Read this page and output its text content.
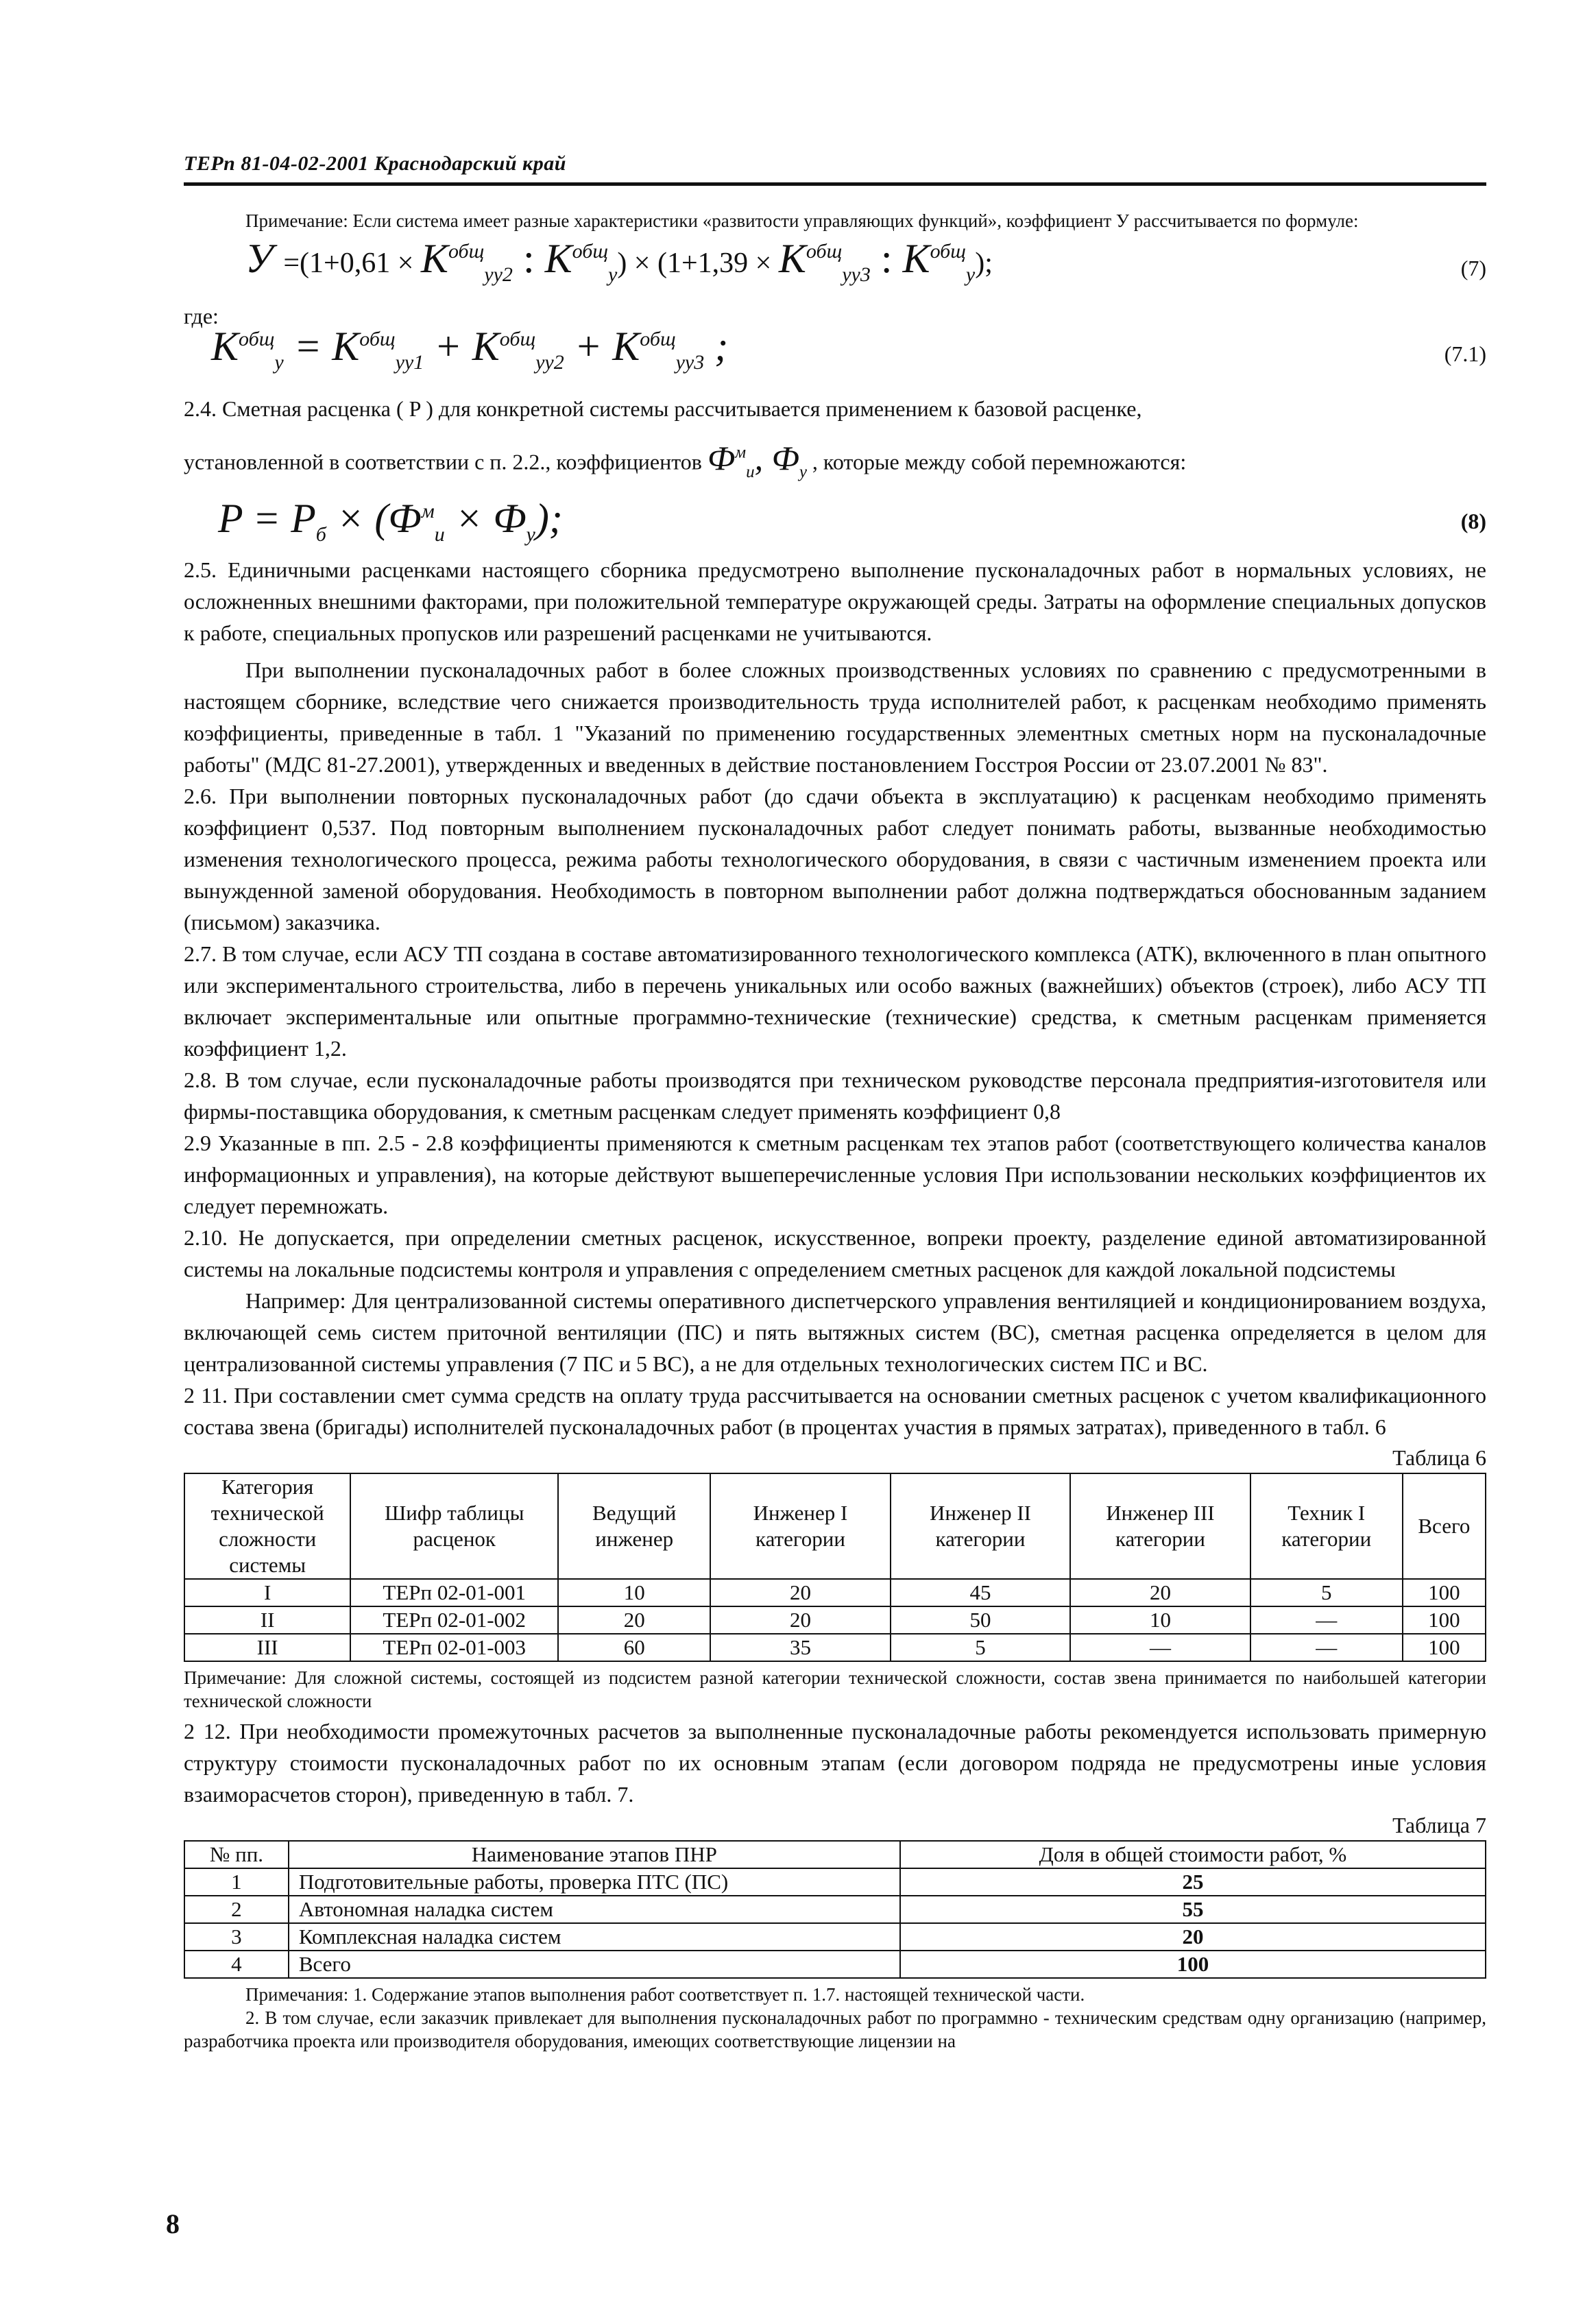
ТЕРп 81-04-02-2001 Краснодарский край

Примечание: Если система имеет разные характеристики «развитости управляющих функций», коэффициент У рассчитывается по формуле:

$У =(1+0,61 \times K^{общ}_{уу2}$ : $K^{общ}_у) \times (1+1,39 \times K^{общ}_{уу3}$ : $K^{общ}_у$);	(7)
где:
$K^{общ}_у = K^{общ}_{уу1} + K^{общ}_{уу2} + K^{общ}_{уу3}$ ;	(7.1)

2.4. Сметная расценка ( P ) для конкретной системы рассчитывается применением к базовой расценке,

установленной в соответствии с п. 2.2., коэффициентов $Ф^м_и$, $Ф_у$ , которые между собой перемножаются:

$P = P_б \times (Ф^м_и \times Ф_у)$;	(8)

2.5. Единичными расценками настоящего сборника предусмотрено выполнение пусконаладочных работ в нормальных условиях, не осложненных внешними факторами, при положительной температуре окружающей среды. Затраты на оформление специальных допусков к работе, специальных пропусков или разрешений расценками не учитываются.

При выполнении пусконаладочных работ в более сложных производственных условиях по сравнению с предусмотренными в настоящем сборнике, вследствие чего снижается производительность труда исполнителей работ, к расценкам необходимо применять коэффициенты, приведенные в табл. 1 "Указаний по применению государственных элементных сметных норм на пусконаладочные работы" (МДС 81-27.2001), утвержденных и введенных в действие постановлением Госстроя России от 23.07.2001 № 83".

2.6. При выполнении повторных пусконаладочных работ (до сдачи объекта в эксплуатацию) к расценкам необходимо применять коэффициент 0,537. Под повторным выполнением пусконаладочных работ следует понимать работы, вызванные необходимостью изменения технологического процесса, режима работы технологического оборудования, в связи с частичным изменением проекта или вынужденной заменой оборудования. Необходимость в повторном выполнении работ должна подтверждаться обоснованным заданием (письмом) заказчика.

2.7. В том случае, если АСУ ТП создана в составе автоматизированного технологического комплекса (АТК), включенного в план опытного или экспериментального строительства, либо в перечень уникальных или особо важных (важнейших) объектов (строек), либо АСУ ТП включает экспериментальные или опытные программно-технические (технические) средства, к сметным расценкам применяется коэффициент 1,2.

2.8. В том случае, если пусконаладочные работы производятся при техническом руководстве персонала предприятия-изготовителя или фирмы-поставщика оборудования, к сметным расценкам следует применять коэффициент 0,8

2.9 Указанные в пп. 2.5 - 2.8 коэффициенты применяются к сметным расценкам тех этапов работ (соответствующего количества каналов информационных и управления), на которые действуют вышеперечисленные условия При использовании нескольких коэффициентов их следует перемножать.

2.10. Не допускается, при определении сметных расценок, искусственное, вопреки проекту, разделение единой автоматизированной системы на локальные подсистемы контроля и управления с определением сметных расценок для каждой локальной подсистемы

Например: Для централизованной системы оперативного диспетчерского управления вентиляцией и кондиционированием воздуха, включающей семь систем приточной вентиляции (ПС) и пять вытяжных систем (ВС), сметная расценка определяется в целом для централизованной системы управления (7 ПС и 5 ВС), а не для отдельных технологических систем ПС и ВС.

2 11. При составлении смет сумма средств на оплату труда рассчитывается на основании сметных расценок с учетом квалификационного состава звена (бригады) исполнителей пусконаладочных работ (в процентах участия в прямых затратах), приведенного в табл. 6

Таблица 6
Категория технической сложности системы	Шифр таблицы расценок	Ведущий инженер	Инженер I категории	Инженер II категории	Инженер III категории	Техник I категории	Всего
I	ТЕРп 02-01-001	10	20	45	20	5	100
II	ТЕРп 02-01-002	20	20	50	10	—	100
III	ТЕРп 02-01-003	60	35	5	—	—	100

Примечание: Для сложной системы, состоящей из подсистем разной категории технической сложности, состав звена принимается по наибольшей категории технической сложности

2 12. При необходимости промежуточных расчетов за выполненные пусконаладочные работы рекомендуется использовать примерную структуру стоимости пусконаладочных работ по их основным этапам (если договором подряда не предусмотрены иные условия взаиморасчетов сторон), приведенную в табл. 7.

Таблица 7
№ пп.	Наименование этапов ПНР	Доля в общей стоимости работ, %
1	Подготовительные работы, проверка ПТС (ПС)	25
2	Автономная наладка систем	55
3	Комплексная наладка систем	20
4	Всего	100

Примечания: 1. Содержание этапов выполнения работ соответствует п. 1.7. настоящей технической части.

2. В том случае, если заказчик привлекает для выполнения пусконаладочных работ по программно - техническим средствам одну организацию (например, разработчика проекта или производителя оборудования, имеющих соответствующие лицензии на

8
